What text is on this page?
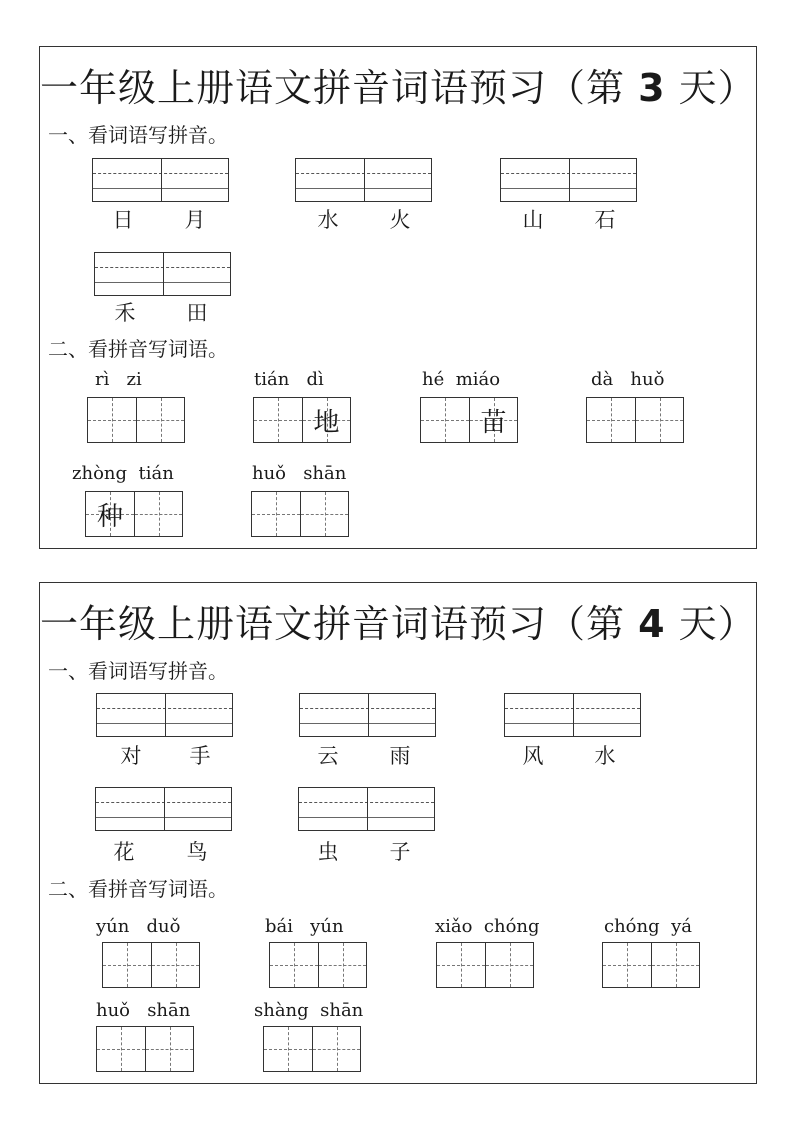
一年级上册语文拼音词语预习（第 3 天）
一、看词语写拼音。
日 月	水 火	山 石
禾 田
二、看拼音写词语。
rì   zi	tián   dì
地
hé  miáo
苗
dà   huǒ
zhòng  tián
种
huǒ   shān
一年级上册语文拼音词语预习（第 4 天）
一、看词语写拼音。
对 手	云 雨	风 水
花 鸟	虫 子
二、看拼音写词语。
yún   duǒ	bái   yún	xiǎo  chóng	chóng  yá
huǒ   shān	shàng  shān
